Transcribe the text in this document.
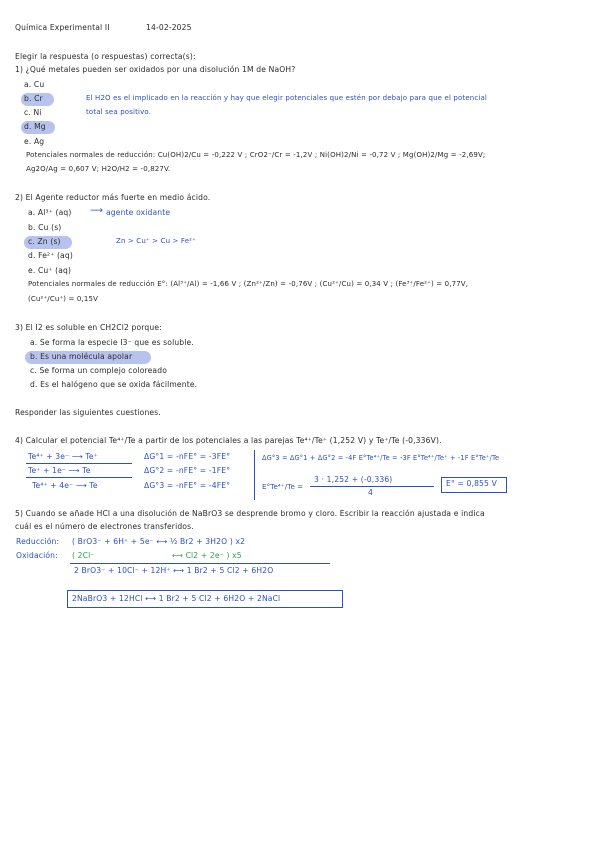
Química Experimental II	14-02-2025
Elegir la respuesta (o respuestas) correcta(s):
1) ¿Qué metales pueden ser oxidados por una disolución 1M de NaOH?
a. Cu
b. Cr
c. Ni
d. Mg
e. Ag
El H2O es el implicado en la reacción y hay que elegir potenciales que estén por debajo para que el potencial
total sea positivo.
Potenciales normales de reducción: Cu(OH)2/Cu = -0,222 V ; CrO2⁻/Cr = -1,2V ; Ni(OH)2/Ni = -0,72 V ; Mg(OH)2/Mg = -2,69V;
Ag2O/Ag = 0,607 V; H2O/H2 = -0,827V.
2) El Agente reductor más fuerte en medio ácido.
a. Al³⁺ (aq) ⟶ agente oxidante
b. Cu (s)
c. Zn (s)	Zn > Cu⁺ > Cu > Fe²⁺
d. Fe²⁺ (aq)
e. Cu⁺ (aq)
Potenciales normales de reducción E°: (Al³⁺/Al) = -1,66 V ; (Zn²⁺/Zn) = -0,76V ; (Cu²⁺/Cu) = 0,34 V ; (Fe³⁺/Fe²⁺) = 0,77V,
(Cu²⁺/Cu⁺) = 0,15V
3) El I2 es soluble en CH2Cl2 porque:
a. Se forma la especie I3⁻ que es soluble.
b. Es una molécula apolar
c. Se forma un complejo coloreado
d. Es el halógeno que se oxida fácilmente.
Responder las siguientes cuestiones.
4) Calcular el potencial Te⁴⁺/Te a partir de los potenciales a las parejas Te⁴⁺/Te⁺ (1,252 V) y Te⁺/Te (-0,336V).
Te⁴⁺ + 3e⁻ ⟶ Te⁺
Te⁺ + 1e⁻ ⟶ Te
Te⁴⁺ + 4e⁻ ⟶ Te
ΔG°1 = -nFE° = -3FE°
ΔG°2 = -nFE° = -1FE°
ΔG°3 = -nFE° = -4FE°
ΔG°3 = ΔG°1 + ΔG°2 = -4F E°Te⁴⁺/Te = -3F E°Te⁴⁺/Te⁺ + -1F E°Te⁺/Te
E°Te⁴⁺/Te =
3 · 1,252 + (-0,336)
4
E° = 0,855 V
5) Cuando se añade HCl a una disolución de NaBrO3 se desprende bromo y cloro. Escribir la reacción ajustada e indica
cuál es el número de electrones transferidos.
Reducción: ( BrO3⁻ + 6H⁺ + 5e⁻ ⟷ ½ Br2 + 3H2O ) x2
Oxidación: ( 2Cl⁻	⟷ Cl2 + 2e⁻ ) x5
2 BrO3⁻ + 10Cl⁻ + 12H⁺ ⟷ 1 Br2 + 5 Cl2 + 6H2O
2NaBrO3 + 12HCl ⟷ 1 Br2 + 5 Cl2 + 6H2O + 2NaCl
